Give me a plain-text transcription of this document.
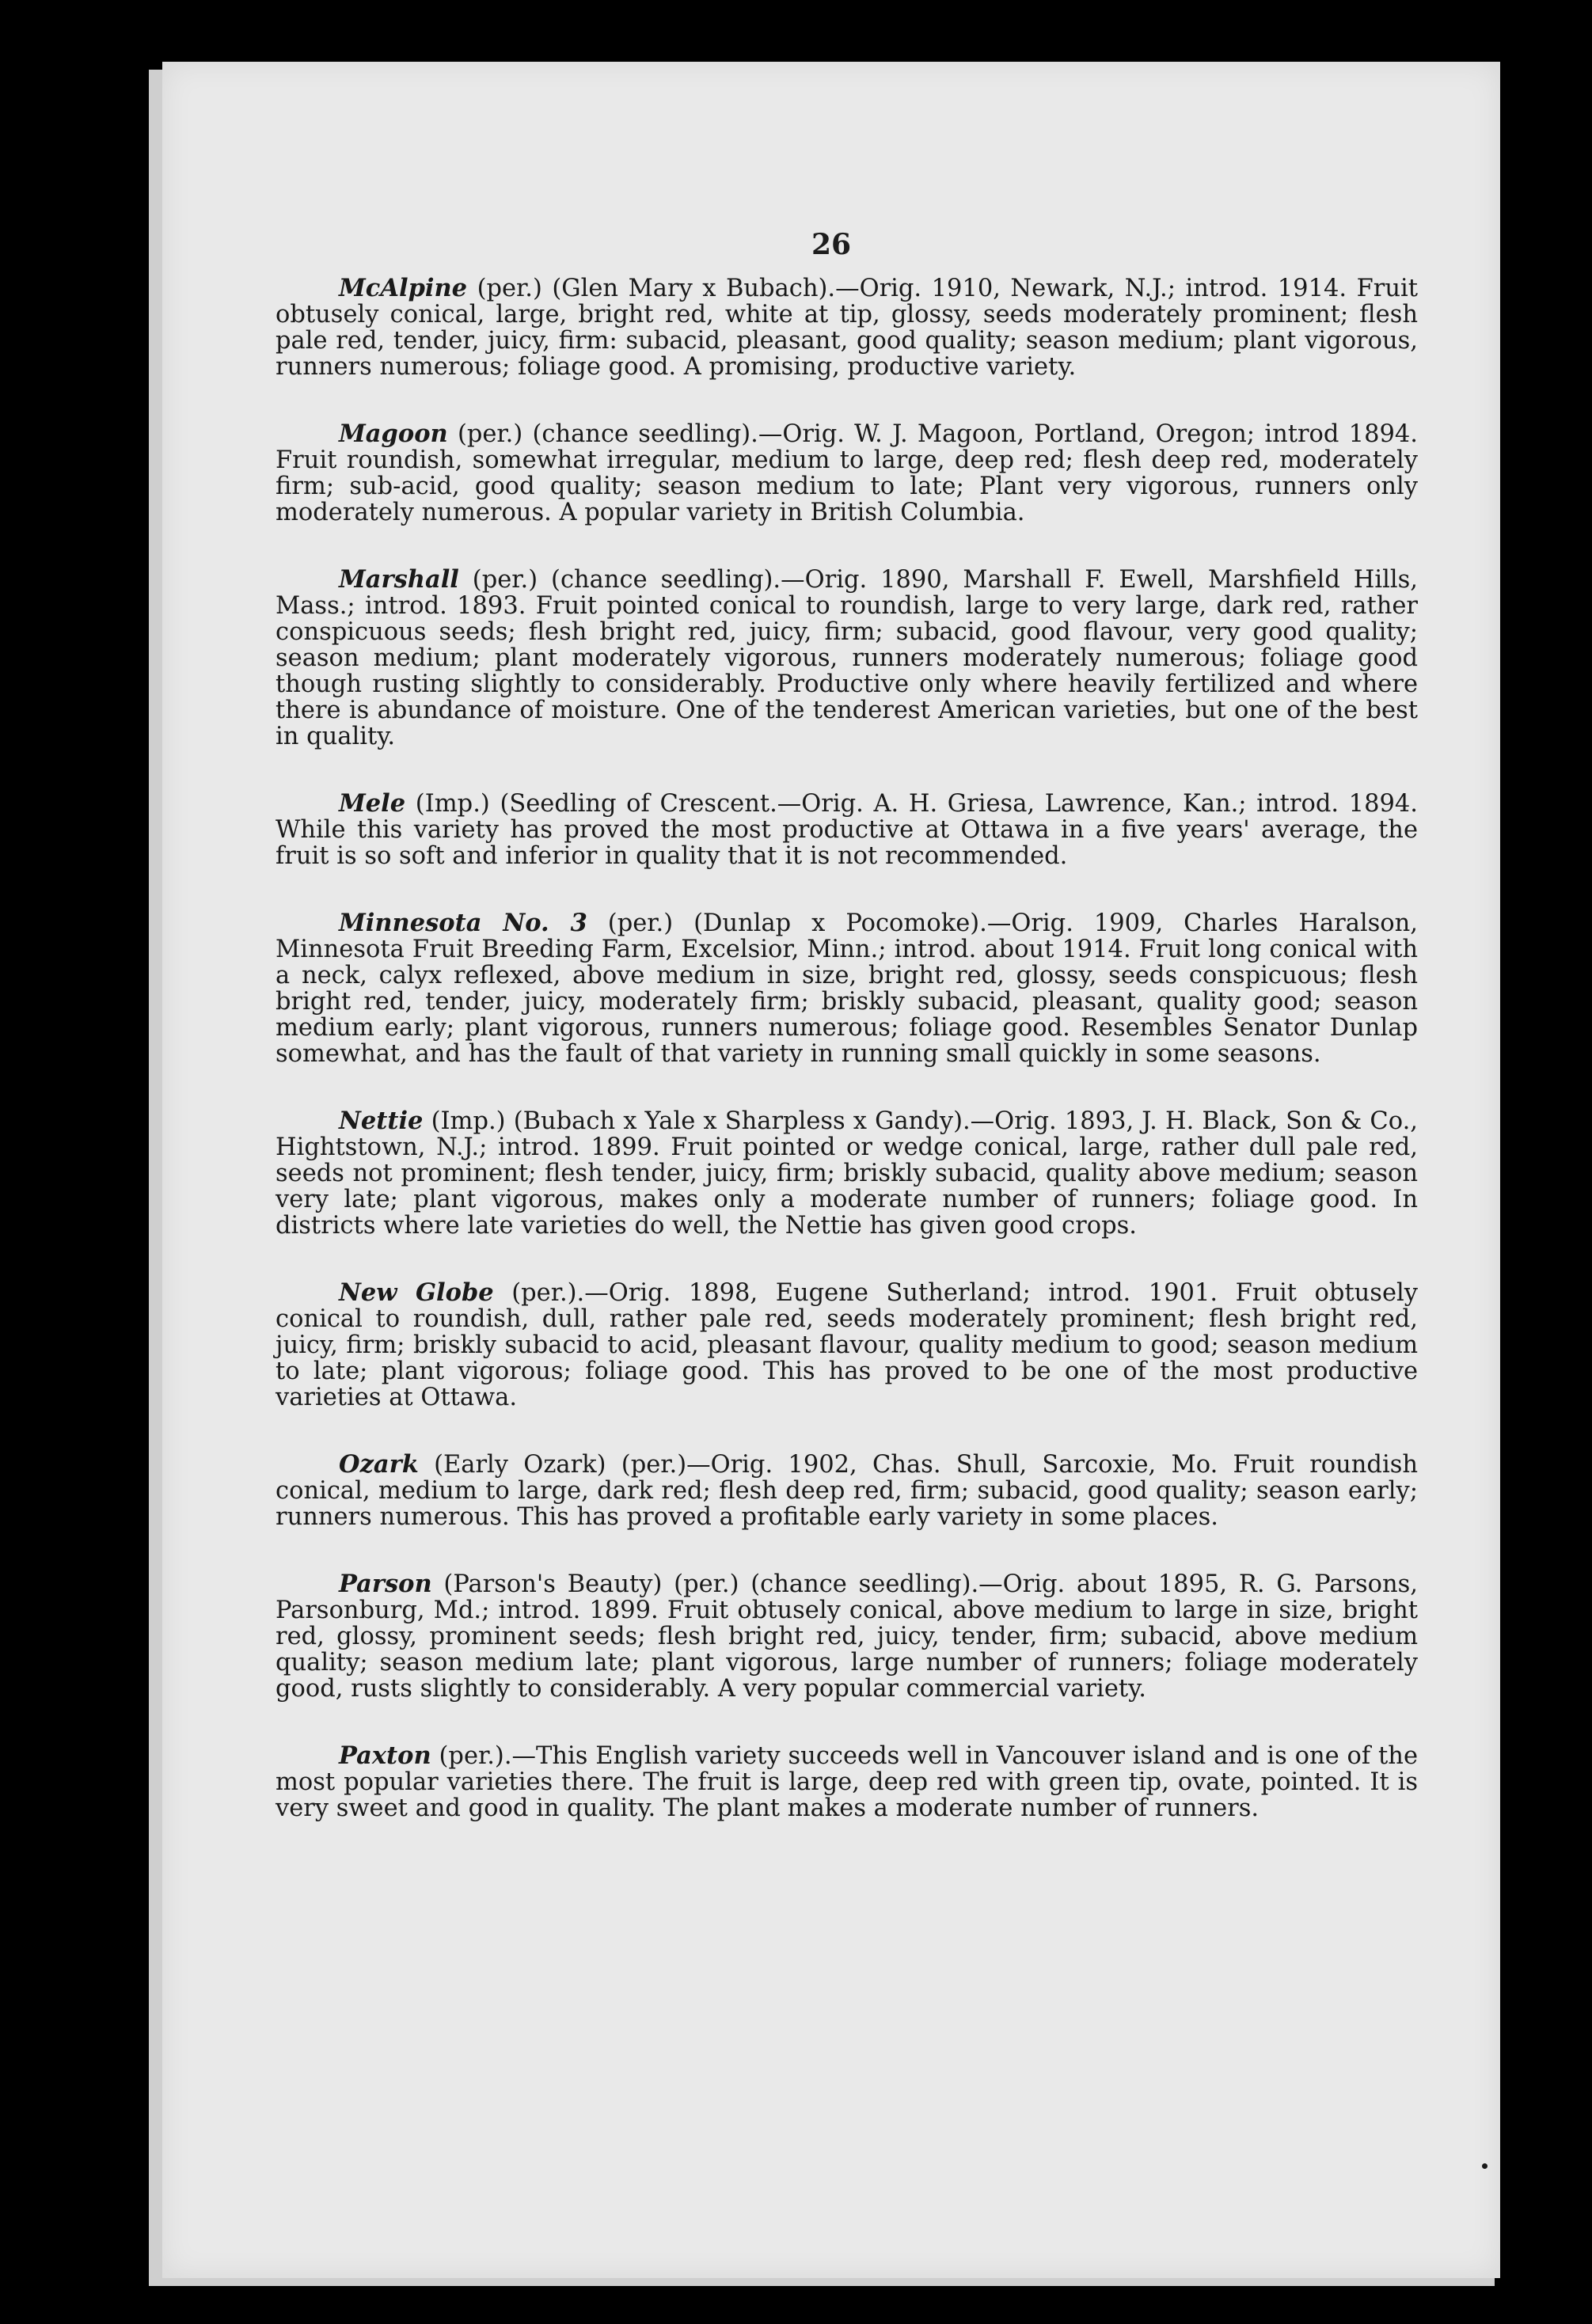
26

McAlpine (per.) (Glen Mary x Bubach).—Orig. 1910, Newark, N.J.; introd. 1914. Fruit obtusely conical, large, bright red, white at tip, glossy, seeds moderately prominent; flesh pale red, tender, juicy, firm: subacid, pleasant, good quality; season medium; plant vigorous, runners numerous; foliage good. A promising, productive variety.

Magoon (per.) (chance seedling).—Orig. W. J. Magoon, Portland, Oregon; introd 1894. Fruit roundish, somewhat irregular, medium to large, deep red; flesh deep red, moderately firm; sub-acid, good quality; season medium to late; Plant very vigorous, runners only moderately numerous. A popular variety in British Columbia.

Marshall (per.) (chance seedling).—Orig. 1890, Marshall F. Ewell, Marshfield Hills, Mass.; introd. 1893. Fruit pointed conical to roundish, large to very large, dark red, rather conspicuous seeds; flesh bright red, juicy, firm; subacid, good flavour, very good quality; season medium; plant moderately vigorous, runners moderately numerous; foliage good though rusting slightly to considerably. Productive only where heavily fertilized and where there is abundance of moisture. One of the tenderest American varieties, but one of the best in quality.

Mele (Imp.) (Seedling of Crescent.—Orig. A. H. Griesa, Lawrence, Kan.; introd. 1894. While this variety has proved the most productive at Ottawa in a five years' average, the fruit is so soft and inferior in quality that it is not recommended.

Minnesota No. 3 (per.) (Dunlap x Pocomoke).—Orig. 1909, Charles Haralson, Minnesota Fruit Breeding Farm, Excelsior, Minn.; introd. about 1914. Fruit long conical with a neck, calyx reflexed, above medium in size, bright red, glossy, seeds conspicuous; flesh bright red, tender, juicy, moderately firm; briskly subacid, pleasant, quality good; season medium early; plant vigorous, runners numerous; foliage good. Resembles Senator Dunlap somewhat, and has the fault of that variety in running small quickly in some seasons.

Nettie (Imp.) (Bubach x Yale x Sharpless x Gandy).—Orig. 1893, J. H. Black, Son & Co., Hightstown, N.J.; introd. 1899. Fruit pointed or wedge conical, large, rather dull pale red, seeds not prominent; flesh tender, juicy, firm; briskly subacid, quality above medium; season very late; plant vigorous, makes only a moderate number of runners; foliage good. In districts where late varieties do well, the Nettie has given good crops.

New Globe (per.).—Orig. 1898, Eugene Sutherland; introd. 1901. Fruit obtusely conical to roundish, dull, rather pale red, seeds moderately prominent; flesh bright red, juicy, firm; briskly subacid to acid, pleasant flavour, quality medium to good; season medium to late; plant vigorous; foliage good. This has proved to be one of the most productive varieties at Ottawa.

Ozark (Early Ozark) (per.)—Orig. 1902, Chas. Shull, Sarcoxie, Mo. Fruit roundish conical, medium to large, dark red; flesh deep red, firm; subacid, good quality; season early; runners numerous. This has proved a profitable early variety in some places.

Parson (Parson's Beauty) (per.) (chance seedling).—Orig. about 1895, R. G. Parsons, Parsonburg, Md.; introd. 1899. Fruit obtusely conical, above medium to large in size, bright red, glossy, prominent seeds; flesh bright red, juicy, tender, firm; subacid, above medium quality; season medium late; plant vigorous, large number of runners; foliage moderately good, rusts slightly to considerably. A very popular commercial variety.

Paxton (per.).—This English variety succeeds well in Vancouver island and is one of the most popular varieties there. The fruit is large, deep red with green tip, ovate, pointed. It is very sweet and good in quality. The plant makes a moderate number of runners.
